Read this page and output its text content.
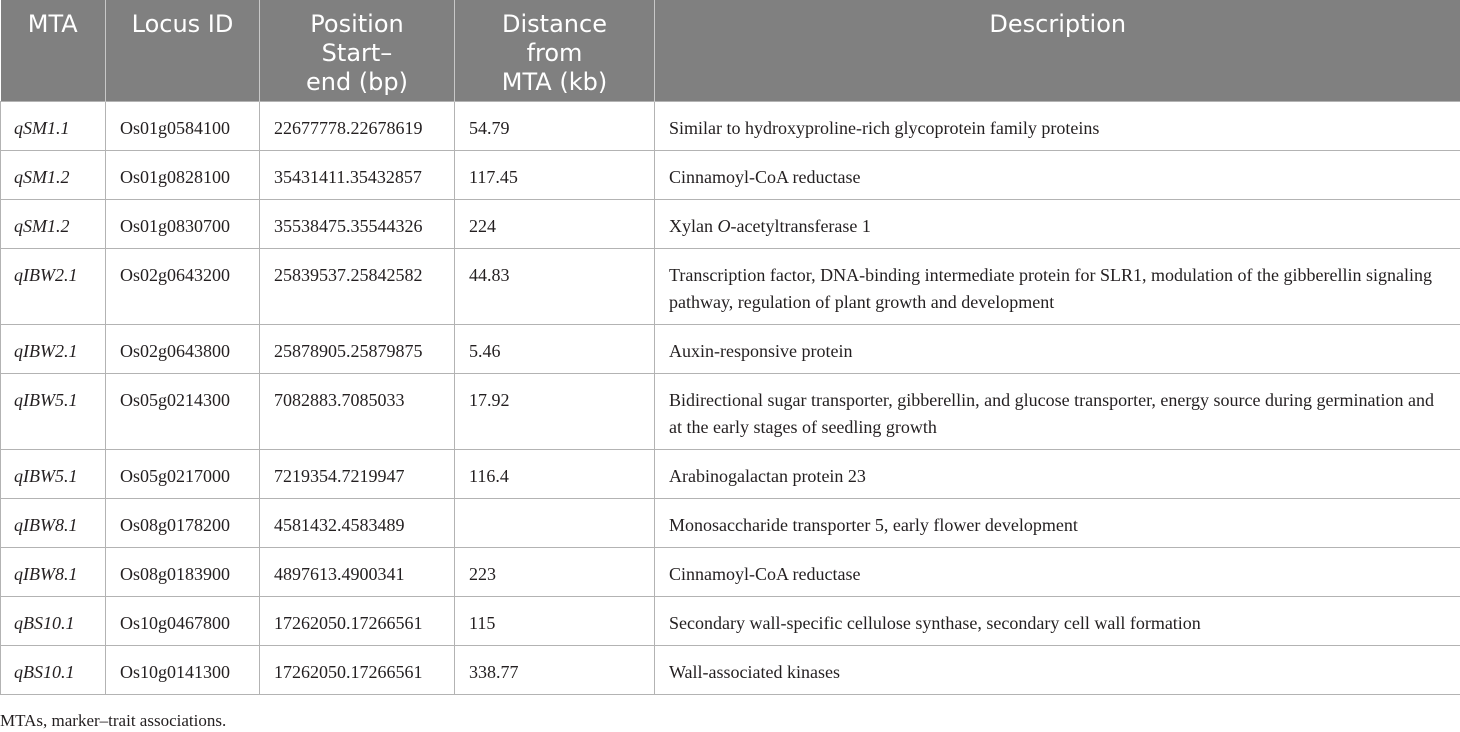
MTA	Locus ID	Position
Start–
end (bp)	Distance
from
MTA (kb)	Description
qSM1.1	Os01g0584100	22677778.22678619	54.79	Similar to hydroxyproline-rich glycoprotein family proteins
qSM1.2	Os01g0828100	35431411.35432857	117.45	Cinnamoyl-CoA reductase
qSM1.2	Os01g0830700	35538475.35544326	224	Xylan O-acetyltransferase 1
qIBW2.1	Os02g0643200	25839537.25842582	44.83	Transcription factor, DNA-binding intermediate protein for SLR1, modulation of the gibberellin signaling pathway, regulation of plant growth and development
qIBW2.1	Os02g0643800	25878905.25879875	5.46	Auxin-responsive protein
qIBW5.1	Os05g0214300	7082883.7085033	17.92	Bidirectional sugar transporter, gibberellin, and glucose transporter, energy source during germination and at the early stages of seedling growth
qIBW5.1	Os05g0217000	7219354.7219947	116.4	Arabinogalactan protein 23
qIBW8.1	Os08g0178200	4581432.4583489		Monosaccharide transporter 5, early flower development
qIBW8.1	Os08g0183900	4897613.4900341	223	Cinnamoyl-CoA reductase
qBS10.1	Os10g0467800	17262050.17266561	115	Secondary wall-specific cellulose synthase, secondary cell wall formation
qBS10.1	Os10g0141300	17262050.17266561	338.77	Wall-associated kinases
MTAs, marker–trait associations.
